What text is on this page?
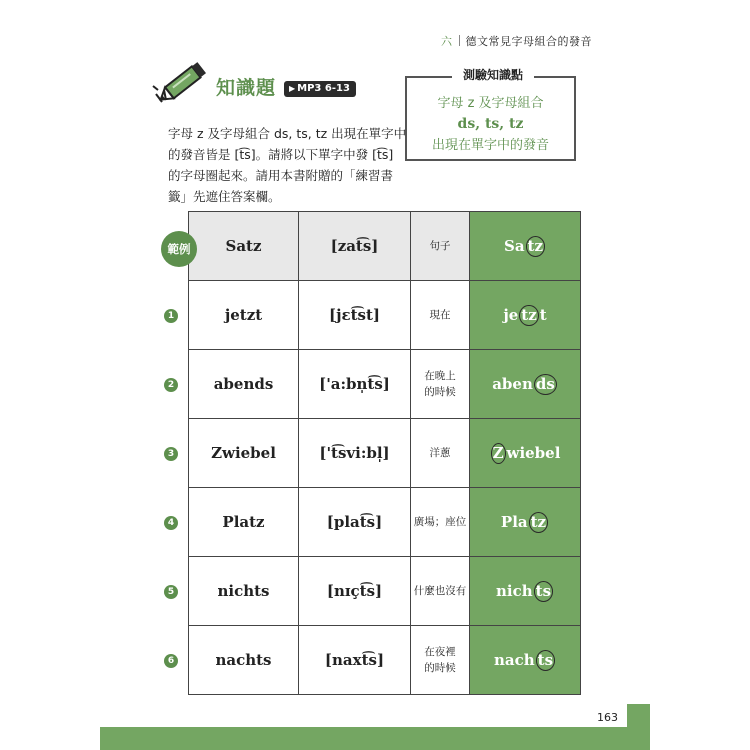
六 德文常見字母組合的發音
知識題	▶ MP3 6-13
字母 z 及字母組合 ds, ts, tz 出現在單字中
的發音皆是 [t͡s]。請將以下單字中發 [t͡s]
的字母圈起來。請用本書附贈的「練習書
籤」先遮住答案欄。
測驗知識點
字母 z 及字母組合
ds, ts, tz
出現在單字中的發音
Satz	[zat͡s]	句子	Sa tz
jetzt	[jɛt͡st]	現在	je tz t
abends	['a:bn̩t͡s]	在晚上
的時候	aben ds
Zwiebel	['t͡svi:bl̩]	洋蔥	Z wiebel
Platz	[plat͡s]	廣場；座位	Pla tz
nichts	[nɪçt͡s]	什麼也沒有	nich ts
nachts	[naxt͡s]	在夜裡
的時候	nach ts
範例
1
2
3
4
5
6
163
